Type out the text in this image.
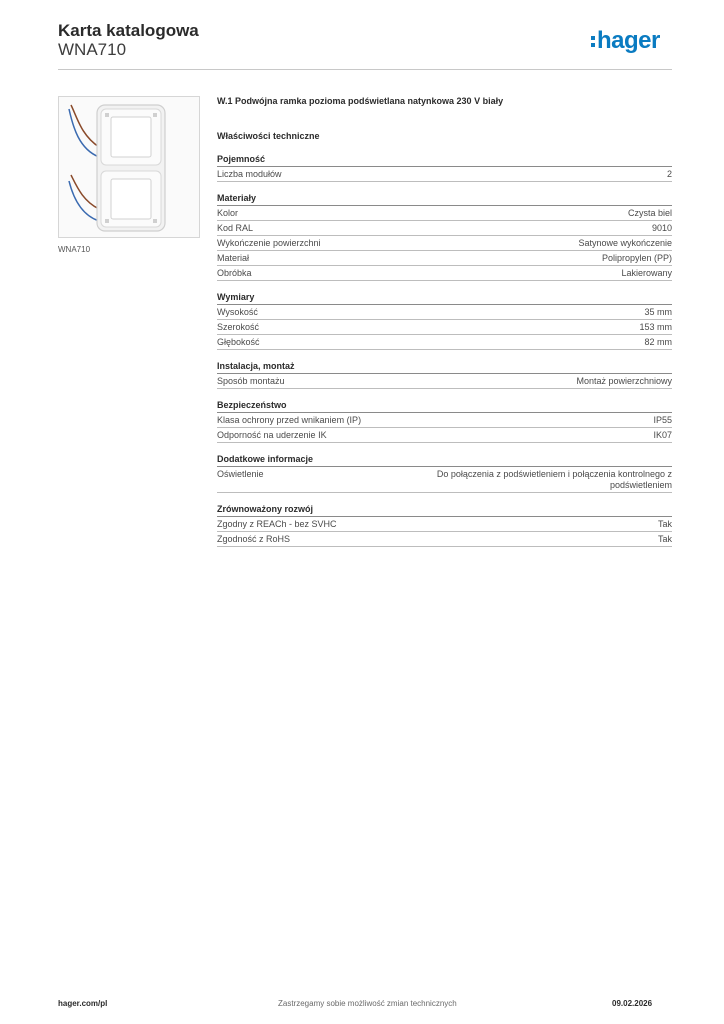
Karta katalogowa
WNA710	hager
WNA710
W.1 Podwójna ramka pozioma podświetlana natynkowa 230 V biały
Właściwości techniczne
Pojemność
Liczba modułów	2
Materiały
Kolor	Czysta biel
Kod RAL	9010
Wykończenie powierzchni	Satynowe wykończenie
Materiał	Polipropylen (PP)
Obróbka	Lakierowany
Wymiary
Wysokość	35 mm
Szerokość	153 mm
Głębokość	82 mm
Instalacja, montaż
Sposób montażu	Montaż powierzchniowy
Bezpieczeństwo
Klasa ochrony przed wnikaniem (IP)	IP55
Odporność na uderzenie IK	IK07
Dodatkowe informacje
Oświetlenie	Do połączenia z podświetleniem i połączenia kontrolnego z podświetleniem
Zrównoważony rozwój
Zgodny z REACh - bez SVHC	Tak
Zgodność z RoHS	Tak
hager.com/pl	Zastrzegamy sobie możliwość zmian technicznych	09.02.2026
